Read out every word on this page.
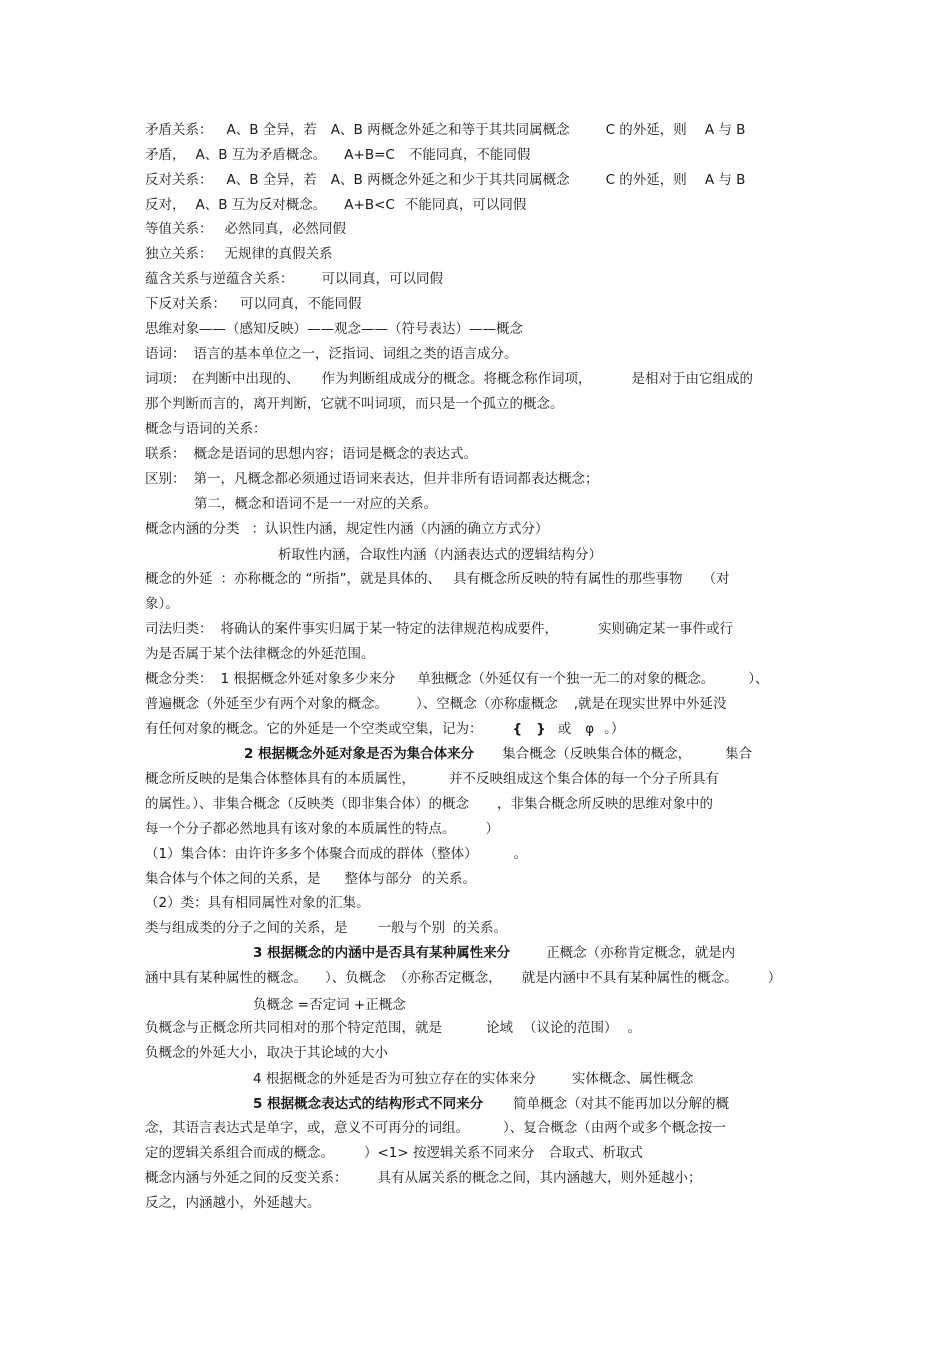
矛盾关系： A、B 全异，若 A、B 两概念外延之和等于其共同属概念	C 的外延，则 A 与 B
矛盾， A、B 互为矛盾概念。 A+B=C 不能同真，不能同假
反对关系： A、B 全异，若 A、B 两概念外延之和少于其共同属概念	C 的外延，则 A 与 B
反对， A、B 互为反对概念。 A+B<C 不能同真，可以同假
等值关系： 必然同真，必然同假
独立关系： 无规律的真假关系
蕴含关系与逆蕴含关系： 可以同真，可以同假
下反对关系： 可以同真，不能同假
思维对象——（感知反映）——观念——（符号表达）——概念
语词： 语言的基本单位之一，泛指词、词组之类的语言成分。
词项： 在判断中出现的、 作为判断组成成分的概念。将概念称作词项，	是相对于由它组成的
那个判断而言的，离开判断，它就不叫词项，而只是一个孤立的概念。
概念与语词的关系：
联系： 概念是语词的思想内容；语词是概念的表达式。
区别： 第一，凡概念都必须通过语词来表达，但并非所有语词都表达概念；
第二，概念和语词不是一一对应的关系。
概念内涵的分类 ：认识性内涵，规定性内涵（内涵的确立方式分）
析取性内涵，合取性内涵（内涵表达式的逻辑结构分）
概念的外延 ：亦称概念的 “所指”，就是具体的、 具有概念所反映的特有属性的那些事物 （对
象）。
司法归类： 将确认的案件事实归属于某一特定的法律规范构成要件，	实则确定某一事件或行
为是否属于某个法律概念的外延范围。
概念分类： 1 根据概念外延对象多少来分 单独概念（外延仅有一个独一无二的对象的概念。	）、
普遍概念（外延至少有两个对象的概念。 ）、空概念（亦称虚概念 ,就是在现实世界中外延没
有任何对象的概念。它的外延是一个空类或空集，记为： { } 或 φ 。）
2 根据概念外延对象是否为集合体来分 集合概念（反映集合体的概念，	集合
概念所反映的是集合体整体具有的本质属性，	并不反映组成这个集合体的每一个分子所具有
的属性。）、非集合概念（反映类（即非集合体）的概念 ，非集合概念所反映的思维对象中的
每一个分子都必然地具有该对象的本质属性的特点。 ）
（1）集合体：由许许多多个体聚合而成的群体（整体）	。
集合体与个体之间的关系，是 整体与部分 的关系。
（2）类：具有相同属性对象的汇集。
类与组成类的分子之间的关系，是 一般与个别 的关系。
3 根据概念的内涵中是否具有某种属性来分	正概念（亦称肯定概念，就是内
涵中具有某种属性的概念。 ）、负概念 （亦称否定概念， 就是内涵中不具有某种属性的概念。 ）
负概念 =否定词 +正概念
负概念与正概念所共同相对的那个特定范围，就是	论域 （议论的范围） 。
负概念的外延大小，取决于其论域的大小
4 根据概念的外延是否为可独立存在的实体来分	实体概念、属性概念
5 根据概念表达式的结构形式不同来分 简单概念（对其不能再加以分解的概
念，其语言表达式是单字，或，意义不可再分的词组。	）、复合概念（由两个或多个概念按一
定的逻辑关系组合而成的概念。 ）<1> 按逻辑关系不同来分 合取式、析取式
概念内涵与外延之间的反变关系： 具有从属关系的概念之间，其内涵越大，则外延越小；
反之，内涵越小，外延越大。
